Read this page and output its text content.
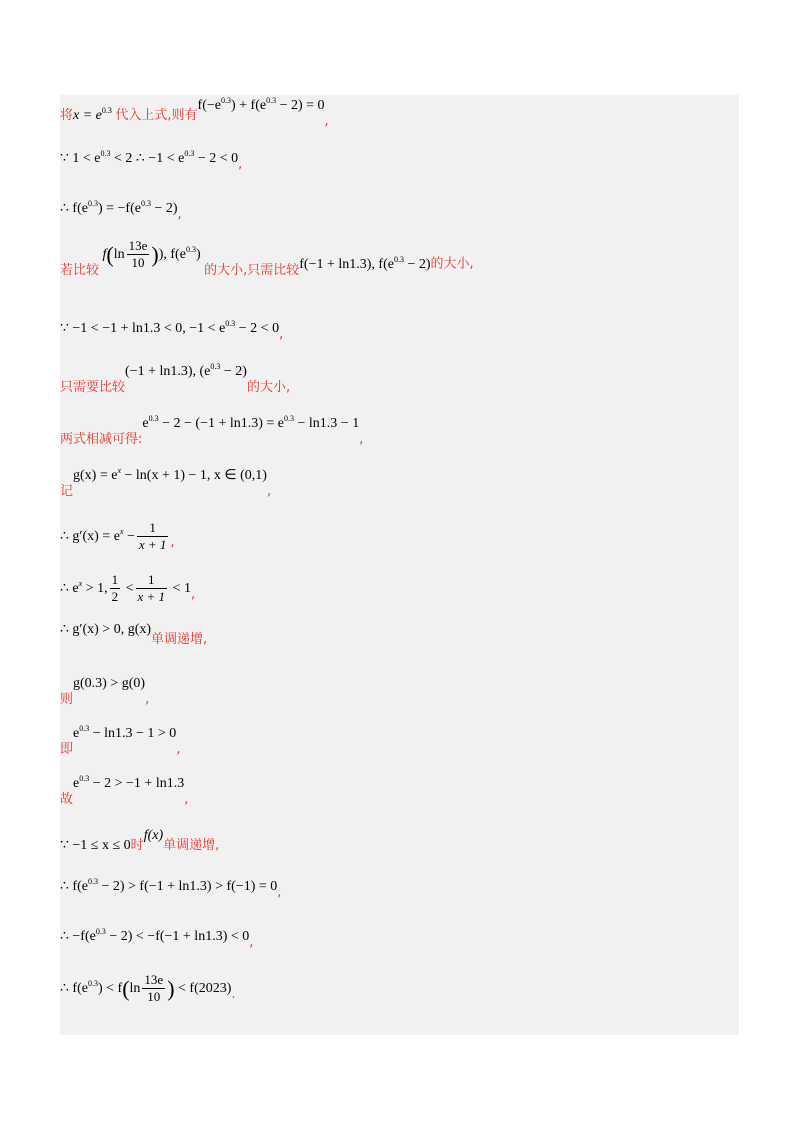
将$x = e^{0.3}$ 代入上式,则有$f(-e^{0.3}) + f(e^{0.3} - 2) = 0$,
∵ $1 < e^{0.3} < 2$ ∴ $-1 < e^{0.3} - 2 < 0$,
∴ $f(e^{0.3}) = -f(e^{0.3} - 2)$,
若比较 $f(\ln \frac{13e}{10}$ )), $f(e^{0.3})$ 的大小,只需比较f(−1 + ln1.3), $f(e^{0.3} - 2)$的大小,
∵ −1 < −1 + ln1.3 < 0, $-1 < e^{0.3} - 2 < 0$,
只需要比较(−1 + ln1.3), $(e^{0.3} - 2)$的大小,
两式相减可得$:e^{0.3} - 2 - (-1 + \ln 1.3) = e^{0.3} - \ln 1.3 - 1$,
记$g(x) = e^x - \ln(x + 1) - 1$, x ∈ (0,1),
∴ $g'(x) = e^x - \frac{1}{x + 1}$ ,
∴ $e^x > 1$, $\frac{1}{2} < \frac{1}{x + 1} < 1$,
∴ g′(x) > 0, g(x)单调递增,
则g(0.3) > g(0),
即$e^{0.3} - \ln 1.3 - 1 > 0$,
故$e^{0.3} - 2 > -1 + \ln 1.3$,
∵ −1 ≤ x ≤ 0时f(x)单调递增,
∴ $f(e^{0.3} - 2) > f(-1 + \ln 1.3) > f(-1) = 0$,
∴ $-f(e^{0.3} - 2) < -f(-1 + \ln 1.3) < 0$,
∴ $f(e^{0.3}) < f(\ln \frac{13e}{10}$ ) < f(2023).
